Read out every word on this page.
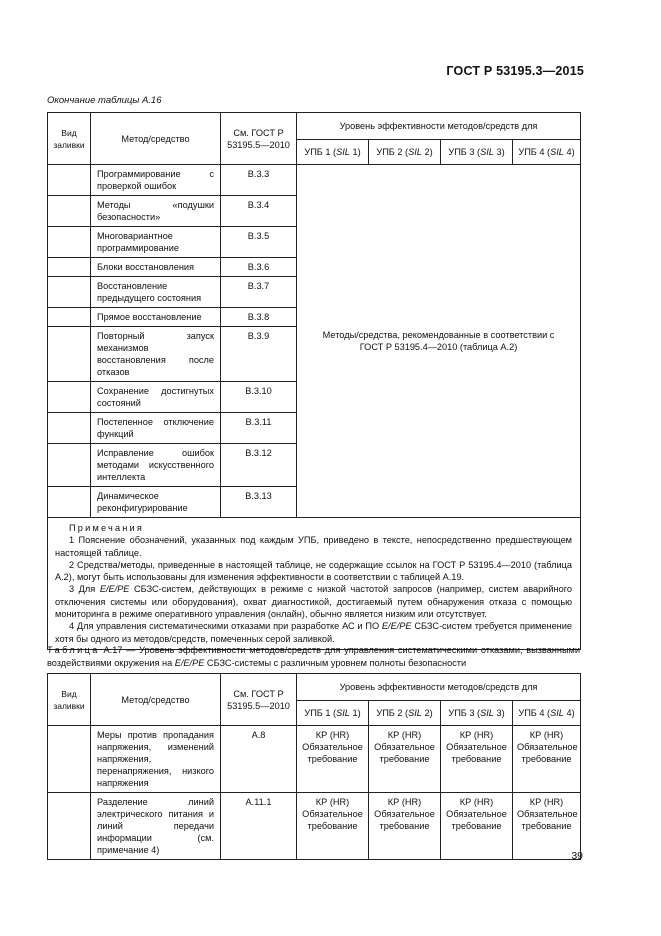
ГОСТ Р 53195.3—2015
Окончание таблицы А.16
Вид заливки	Метод/средство	См. ГОСТ Р 53195.5—2010	Уровень эффективности методов/средств для			
			УПБ 1 (SIL 1)	УПБ 2 (SIL 2)	УПБ 3 (SIL 3)	УПБ 4 (SIL 4)
	Программирование с проверкой ошибок	В.3.3	Методы/средства, рекомендованные в соответствии с ГОСТ Р 53195.4—2010 (таблица А.2)			
	Методы «подушки безопасности»	В.3.4				
	Многовариантное программирование	В.3.5				
	Блоки восстановления	В.3.6				
	Восстановление предыдущего состояния	В.3.7				
	Прямое восстановление	В.3.8				
	Повторный запуск механизмов восстановления после отказов	В.3.9				
	Сохранение достигнутых состояний	В.3.10				
	Постепенное отключение функций	В.3.11				
	Исправление ошибок методами искусственного интеллекта	В.3.12				
	Динамическое реконфигурирование	В.3.13				

Примечания

1 Пояснение обозначений, указанных под каждым УПБ, приведено в тексте, непосредственно предшествующем настоящей таблице.

2 Средства/методы, приведенные в настоящей таблице, не содержащие ссылок на ГОСТ Р 53195.4—2010 (таблица А.2), могут быть использованы для изменения эффективности в соответствии с таблицей А.19.

3 Для E/E/PE СБЗС-систем, действующих в режиме с низкой частотой запросов (например, систем аварийного отключения системы или оборудования), охват диагностикой, достигаемый путем обнаружения отказа с помощью мониторинга в режиме оперативного управления (онлайн), обычно является низким или отсутствует.

4 Для управления систематическими отказами при разработке АС и ПО E/E/PE СБЗС-систем требуется применение хотя бы одного из методов/средств, помеченных серой заливкой.						

Таблица А.17 — Уровень эффективности методов/средств для управления систематическими отказами, вызванными воздействиями окружения на E/E/PE СБЗС-системы с различным уровнем полноты безопасности
Вид заливки	Метод/средство	См. ГОСТ Р 53195.5—2010	Уровень эффективности методов/средств для			
			УПБ 1 (SIL 1)	УПБ 2 (SIL 2)	УПБ 3 (SIL 3)	УПБ 4 (SIL 4)
	Меры против пропадания напряжения, изменений напряжения, перенапряжения, низкого напряжения	А.8	КР (HR) Обязательное требование	КР (HR) Обязательное требование	КР (HR) Обязательное требование	КР (HR) Обязательное требование
	Разделение линий электрического питания и линий передачи информации (см. примечание 4)	А.11.1	КР (HR) Обязательное требование	КР (HR) Обязательное требование	КР (HR) Обязательное требование	КР (HR) Обязательное требование
39
